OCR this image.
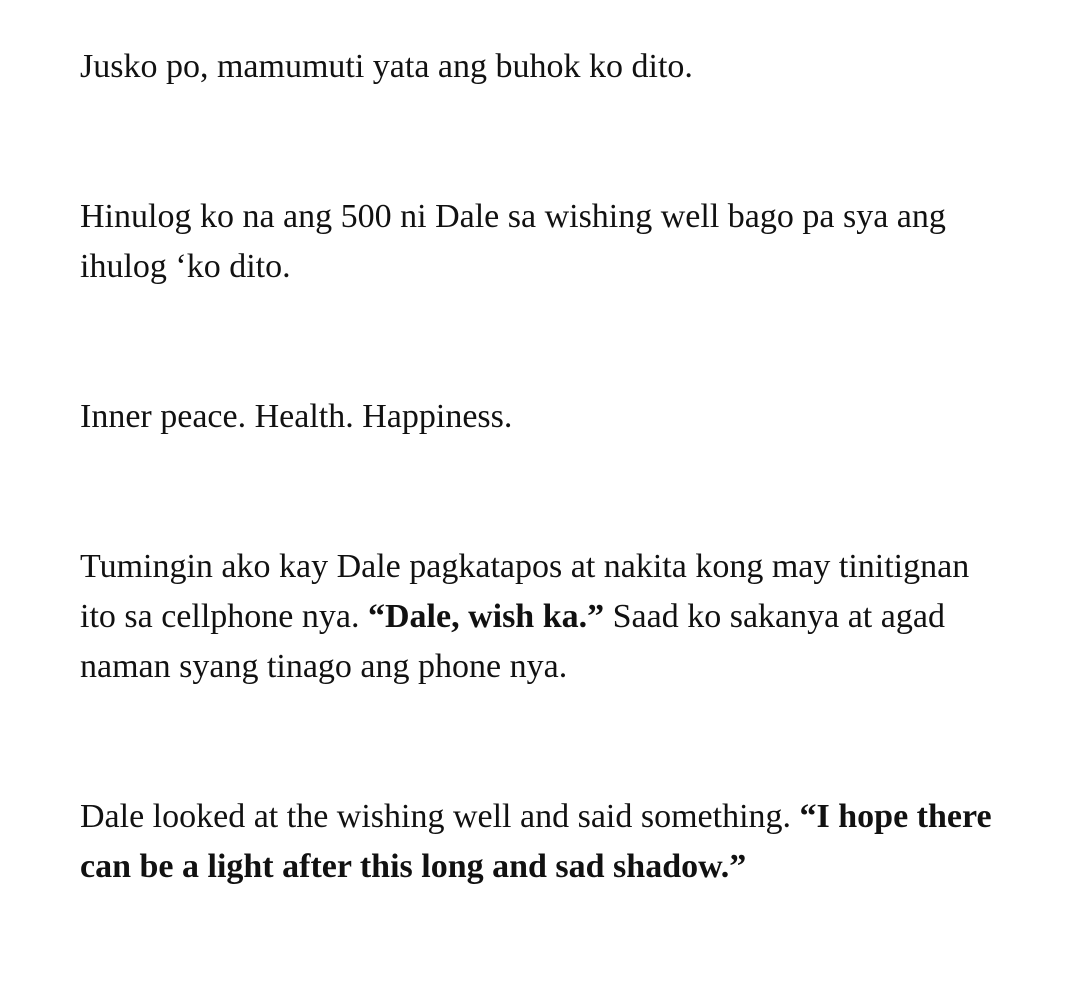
Jusko po, mamumuti yata ang buhok ko dito.

Hinulog ko na ang 500 ni Dale sa wishing well bago pa sya ang ihulog ‘ko dito.

Inner peace. Health. Happiness.

Tumingin ako kay Dale pagkatapos at nakita kong may tinitignan ito sa cellphone nya. “Dale, wish ka.” Saad ko sakanya at agad naman syang tinago ang phone nya.

Dale looked at the wishing well and said something. “I hope there can be a light after this long and sad shadow.”
